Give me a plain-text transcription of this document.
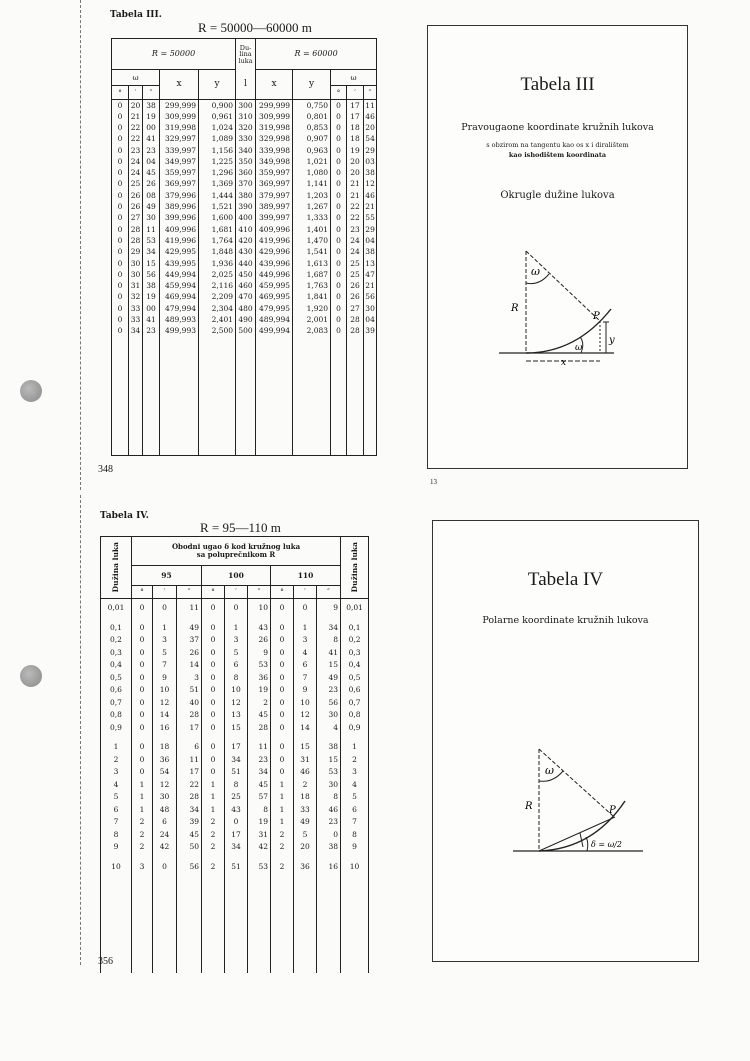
Tabela III.
R = 50000—60000 m
R = 50000					Du-lina luka	R = 60000				
ω			x	y	l	x	y	ω		
°	′	″						°	′	″
0	20	38	299,999	0,900	300	299,999	0,750	0	17	11
0	21	19	309,999	0,961	310	309,999	0,801	0	17	46
0	22	00	319,998	1,024	320	319,998	0,853	0	18	20
0	22	41	329,997	1,089	330	329,998	0,907	0	18	54
0	23	23	339,997	1,156	340	339,998	0,963	0	19	29
0	24	04	349,997	1,225	350	349,998	1,021	0	20	03
0	24	45	359,997	1,296	360	359,997	1,080	0	20	38
0	25	26	369,997	1,369	370	369,997	1,141	0	21	12
0	26	08	379,996	1,444	380	379,997	1,203	0	21	46
0	26	49	389,996	1,521	390	389,997	1,267	0	22	21
0	27	30	399,996	1,600	400	399,997	1,333	0	22	55
0	28	11	409,996	1,681	410	409,996	1,401	0	23	29
0	28	53	419,996	1,764	420	419,996	1,470	0	24	04
0	29	34	429,995	1,848	430	429,996	1,541	0	24	38
0	30	15	439,995	1,936	440	439,996	1,613	0	25	13
0	30	56	449,994	2,025	450	449,996	1,687	0	25	47
0	31	38	459,994	2,116	460	459,995	1,763	0	26	21
0	32	19	469,994	2,209	470	469,995	1,841	0	26	56
0	33	00	479,994	2,304	480	479,995	1,920	0	27	30
0	33	41	489,993	2,401	490	489,994	2,001	0	28	04
0	34	23	499,993	2,500	500	499,994	2,083	0	28	39

348
Tabela III
Pravougaone koordinate kružnih lukova
s obzirom na tangentu kao os x i diralištem
kao ishodištem koordinata
Okrugle dužine lukova
ω
R
P
y
ω
x
13
Tabela IV.
R = 95—110 m
Dužina luka	Obodni ugao δ kod kružnog luka
sa poluprečnikom R									Dužina luka
	95			100			110			
	°	′	″	°	′	″	°	′	″	

0,01	0	0	11	0	0	10	0	0	9	0,01

0,1	0	1	49	0	1	43	0	1	34	0,1
0,2	0	3	37	0	3	26	0	3	8	0,2
0,3	0	5	26	0	5	9	0	4	41	0,3
0,4	0	7	14	0	6	53	0	6	15	0,4
0,5	0	9	3	0	8	36	0	7	49	0,5
0,6	0	10	51	0	10	19	0	9	23	0,6
0,7	0	12	40	0	12	2	0	10	56	0,7
0,8	0	14	28	0	13	45	0	12	30	0,8
0,9	0	16	17	0	15	28	0	14	4	0,9

1	0	18	6	0	17	11	0	15	38	1
2	0	36	11	0	34	23	0	31	15	2
3	0	54	17	0	51	34	0	46	53	3
4	1	12	22	1	8	45	1	2	30	4
5	1	30	28	1	25	57	1	18	8	5
6	1	48	34	1	43	8	1	33	46	6
7	2	6	39	2	0	19	1	49	23	7
8	2	24	45	2	17	31	2	5	0	8
9	2	42	50	2	34	42	2	20	38	9

10	3	0	56	2	51	53	2	36	16	10

356
Tabela IV
Polarne koordinate kružnih lukova
ω
R	P
δ = ω/2
